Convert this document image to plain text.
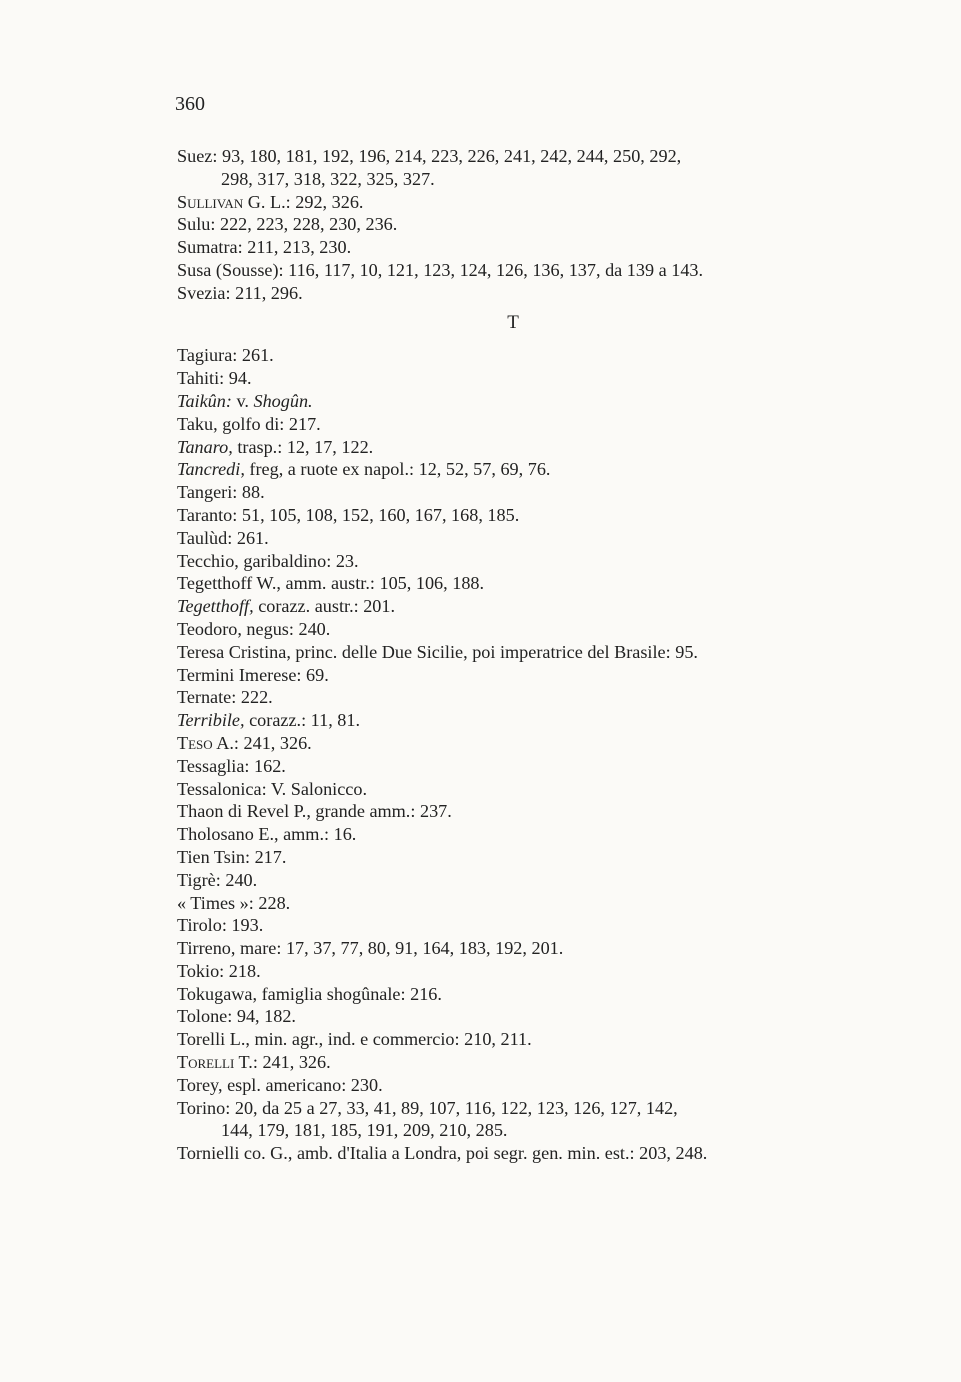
360

Suez: 93, 180, 181, 192, 196, 214, 223, 226, 241, 242, 244, 250, 292,
298, 317, 318, 322, 325, 327.

Sullivan G. L.: 292, 326.

Sulu: 222, 223, 228, 230, 236.

Sumatra: 211, 213, 230.

Susa (Sousse): 116, 117, 10, 121, 123, 124, 126, 136, 137, da 139 a 143.

Svezia: 211, 296.

T

Tagiura: 261.

Tahiti: 94.

Taikûn: v. Shogûn.

Taku, golfo di: 217.

Tanaro, trasp.: 12, 17, 122.

Tancredi, freg, a ruote ex napol.: 12, 52, 57, 69, 76.

Tangeri: 88.

Taranto: 51, 105, 108, 152, 160, 167, 168, 185.

Taulùd: 261.

Tecchio, garibaldino: 23.

Tegetthoff W., amm. austr.: 105, 106, 188.

Tegetthoff, corazz. austr.: 201.

Teodoro, negus: 240.

Teresa Cristina, princ. delle Due Sicilie, poi imperatrice del Brasile: 95.

Termini Imerese: 69.

Ternate: 222.

Terribile, corazz.: 11, 81.

Teso A.: 241, 326.

Tessaglia: 162.

Tessalonica: V. Salonicco.

Thaon di Revel P., grande amm.: 237.

Tholosano E., amm.: 16.

Tien Tsin: 217.

Tigrè: 240.

« Times »: 228.

Tirolo: 193.

Tirreno, mare: 17, 37, 77, 80, 91, 164, 183, 192, 201.

Tokio: 218.

Tokugawa, famiglia shogûnale: 216.

Tolone: 94, 182.

Torelli L., min. agr., ind. e commercio: 210, 211.

Torelli T.: 241, 326.

Torey, espl. americano: 230.

Torino: 20, da 25 a 27, 33, 41, 89, 107, 116, 122, 123, 126, 127, 142,
144, 179, 181, 185, 191, 209, 210, 285.

Tornielli co. G., amb. d'Italia a Londra, poi segr. gen. min. est.: 203, 248.
